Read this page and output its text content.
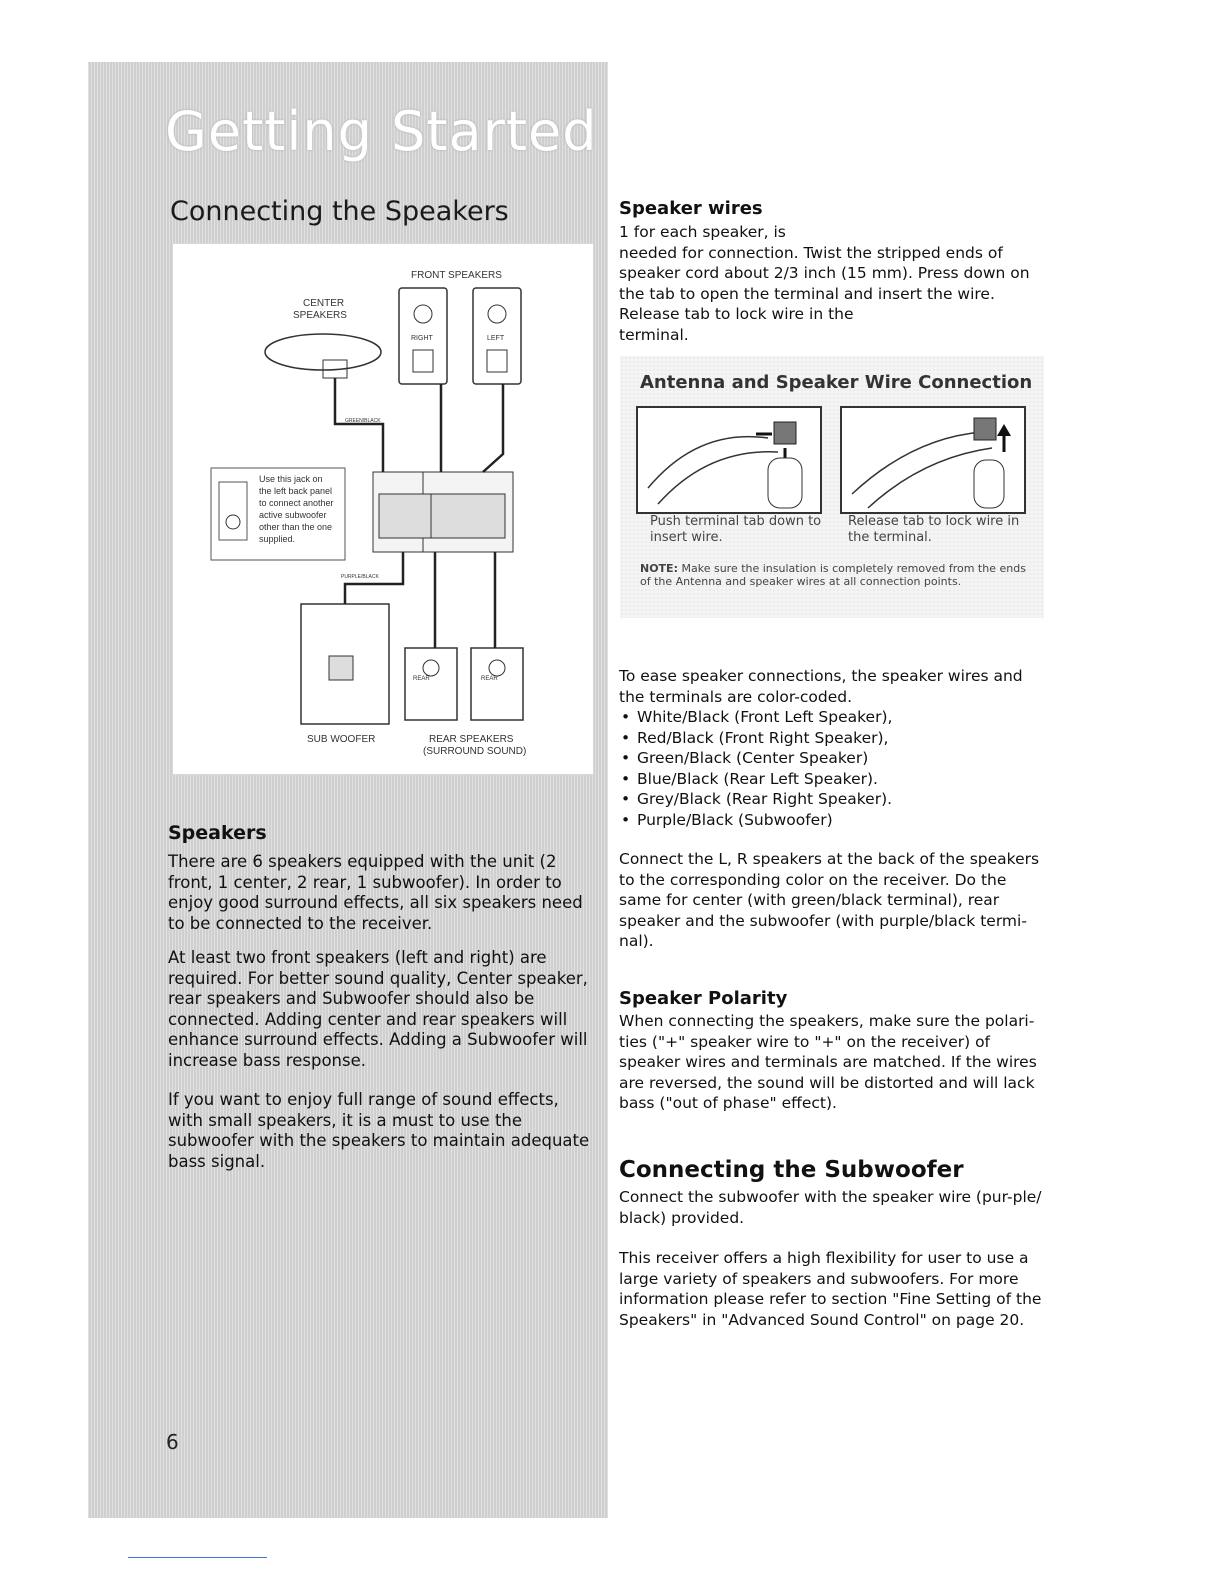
Getting Started
Connecting the Speakers
FRONT SPEAKERS
CENTER
SPEAKERS
RIGHT	LEFT
GREEN/BLACK
PURPLE/BLACK
Use this jack on
the left back panel
to connect another
active subwoofer
other than the one
supplied.
REAR	REAR
SUB WOOFER	REAR SPEAKERS
(SURROUND SOUND)
Speakers
There are 6 speakers equipped with the unit (2 front, 1 center, 2 rear, 1 subwoofer). In order to enjoy good surround effects, all six speakers need to be connected to the receiver.
At least two front speakers (left and right) are required. For better sound quality, Center speaker, rear speakers and Subwoofer should also be connected. Adding center and rear speakers will enhance surround effects. Adding a Subwoofer will increase bass response.
If you want to enjoy full range of sound effects, with small speakers, it is a must to use the subwoofer with the speakers to maintain adequate bass signal.
6
Speaker wires

1 for each speaker, is

needed for connection. Twist the stripped ends of speaker cord about 2/3 inch (15 mm). Press down on the tab to open the terminal and insert the wire. Release tab to lock wire in the

terminal.

Antenna and Speaker Wire Connection
Push terminal tab down to insert wire.
Release tab to lock wire in the terminal.
NOTE: Make sure the insulation is completely removed from the ends of the Antenna and speaker wires at all connection points.

To ease speaker connections, the speaker wires and the terminals are color-coded.

• White/Black (Front Left Speaker),
• Red/Black (Front Right Speaker),
• Green/Black (Center Speaker)
• Blue/Black (Rear Left Speaker).
• Grey/Black (Rear Right Speaker).
• Purple/Black (Subwoofer)
Connect the L, R speakers at the back of the speakers to the corresponding color on the receiver. Do the same for center (with green/black terminal), rear speaker and the subwoofer (with purple/black termi-nal).
Speaker Polarity
When connecting the speakers, make sure the polari-ties ("+" speaker wire to "+" on the receiver) of speaker wires and terminals are matched. If the wires are reversed, the sound will be distorted and will lack bass ("out of phase" effect).
Connecting the Subwoofer
Connect the subwoofer with the speaker wire (pur-ple/ black) provided.
This receiver offers a high flexibility for user to use a large variety of speakers and subwoofers. For more information please refer to section "Fine Setting of the Speakers" in "Advanced Sound Control" on page 20.
